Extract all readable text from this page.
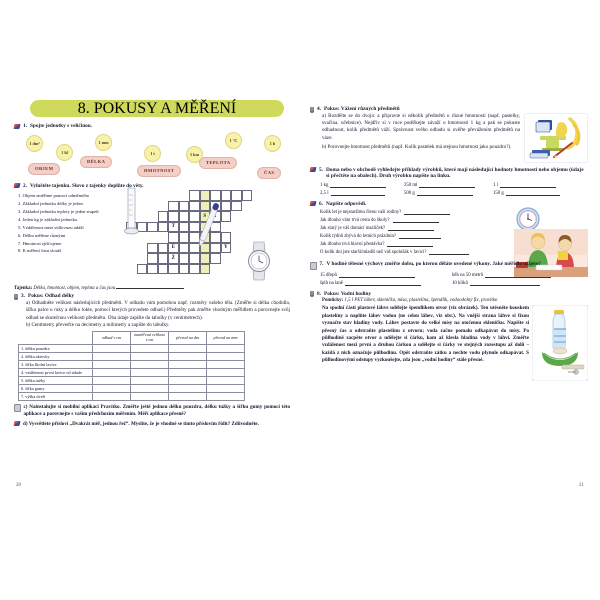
8. POKUSY A MĚŘENÍ
1. Spojte jednotky s veličinou.
1 dm³
1 hl
1 mm
1 t	1 km
1 °C
1 h
OBJEM
DÉLKA
HMOTNOST
TEPLOTA
ČAS
2. Vyluštěte tajenku. Slovo z tajenky doplňte do věty.
1. Objem změříme pomocí odměrného
2. Základní jednotka délky je jeden
3. Základní jednotka teploty je jeden stupeň
4. Jeden kg je základní jednotka
5. Vzdálenost mezi sídlovnou udáží
6. Délku měříme různými
7. Hmotnost zjišťujeme
8. K měření času slouží
S	I
T
E	Y
Ž
Tajenka: Délka, hmotnost, objem, teplota a čas jsou
3. Pokus: Odhad délky
a) Odhadněte velikost následujících předmětů. V odhadu vám pomohou např. rozměry vašeho těla. (Změřte si délka chodidla, šířku palce u ruky a délku lokte, pomocí kterých provedete odhad.) Předměty pak změřte vhodným měřidlem a porovnejte svůj odhad se skutečnou velikostí předmětu. Oba údaje zapište do tabulky (v centimetrech).
b) Centimetry převeďte na decimetry a milimetry a zapište do tabulky.
	odhad v cm	naměřená velikost v cm	převod na dm	převod na mm
1. délka pouzdra				
2. délka aktovky				
3. šířka školní lavice				
4. vzdálenost první lavice od tabule				
5. délka tužky				
6. šířka gumy				
7. výška dveří				
c) Nainstalujte si mobilní aplikaci Pravítko. Změřte ještě jednou délku pouzdra, délku tužky a šířku gumy pomocí této aplikace a porovnejte s vaším předchozím měřením. Měří aplikace přesně?
d) Vysvětlete přísloví „Dvakrát měř, jednou řež“. Myslíte, že je vhodné se tímto příslovím řídit? Zdůvodněte.
20
4. Pokus: Vážení různých předmětů
a) Rozdělte se do dvojic a připravte si několik předmětů o různé hmotnosti (např. pastelky, svačina, učebnice). Nejdřív si v ruce potěžkejte závaží o hmotnosti 1 kg a pak se pokuste odhadnout, kolik předmětů váží. Správnost svého odhadu si ověřte převážením předmětů na váze.
b) Porovnejte hmotnost předmětů (např. Kolik pastelek má stejnou hmotnost jako pouzdro?).
5. Doma nebo v obchodě vyhledejte příklady výrobků, které mají následující hodnoty hmotnosti nebo objemu (údaje si přečtěte na obalech). Druh výrobku napište na linku.
1 kg	250 ml	1 l
2,5 l	500 g	150 g
6. Napište odpovědi.
Kolik let je nejstaršímu členu vaší rodiny?
Jak dlouho vám trvá cesta do školy?
Jak starý je váš domácí mazlíček?
Kolik týdnů zbývá do letních prázdnin?
Jak dlouho trvá hlavní přestávka?
O kolik dní jste starší/mladší než váš spolužák v lavici?
7. V hodině tělesné výchovy změřte dobu, po kterou děláte uvedené výkony. Jaké měřidlo užijete?
15 dřepů	běh na 50 metrů
šplh na laně	10 kliků
8. Pokus: Vodní hodiny
Pomůcky: 1,5 l PET láhev, sklenička, mísa, plastelína, špendlík, vodoodolný fix, pravítko
Na spodní části plastové láhve udělejte špendlíkem otvor (viz obrázek). Ten utěsněte kouskem plastelíny a naplňte láhev vodou (ne celou láhev, viz obr.). Na vnější strana láhve si fixou vyznačte stav hladiny vody. Láhev postavte do velké mísy na otočenou skleničku. Napište si přesný čas a odstraňte plastelínu z otvoru; voda začne pomalu odkapávat do mísy. Po půlhodině zacpěte otvor a udělejte si čárku, kam až klesla hladina vody v láhvi. Změřte vzdálenost mezi první a druhou čárkou a udělejte si čárky ve stejných rozestupu až dolů – každá z nich označuje půlhodinu. Opět odstraňte zátku a nechte vodu plynule odkapávat. S půlhodinovými odstupy vyzkoušejte, zda jsou „vodní hodiny“ stále přesné.
21
